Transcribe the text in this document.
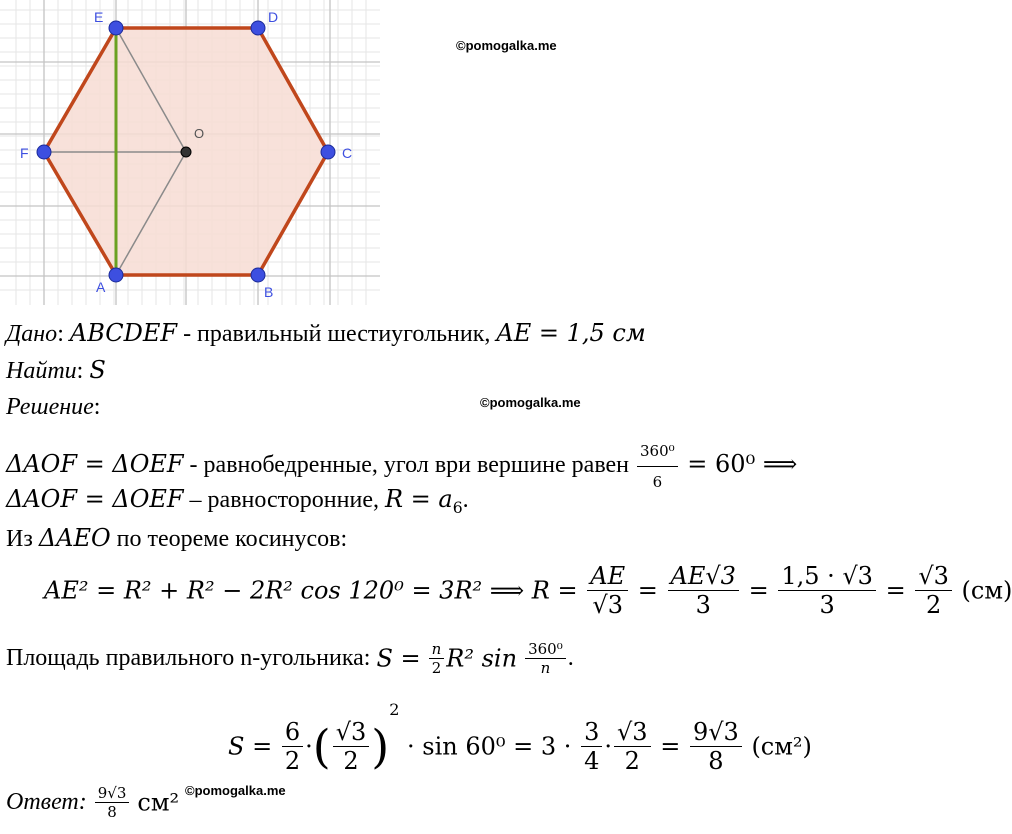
E	D
C
B
A
F
O
©pomogalka.me
©pomogalka.me
©pomogalka.me
Дано: ABCDEF - правильный шестиугольник, AE = 1,5 см
Найти: S
Решение:
ΔAOF = ΔOEF - равнобедренные, угол ври вершине равен $\frac{\text{360⁰}}{6} = 60^0$ ⟹
ΔAOF = ΔOEF – равносторонние, $R = a_6$.
Из ΔAEO по теореме косинусов:
AE² = R² + R² − 2R² cos 120⁰ = 3R² ⟹ $R = \frac{AE}{√3} = \frac{AE√3}{3} = \frac{1,5 \cdot √3}{3} = \frac{√3}{2} (см)$
Площадь правильного n-угольника: $S = \frac{n}{2} R^2$ $\sin \frac{\text{360⁰}}{n}$ .
$S = \frac{6}{2}$ ·( $\frac{√3}{2} )^2 \cdot \sin 60^0 = 3 \cdot \frac{3}{4} \cdot \frac{√3}{2} = \frac{9√3}{8} (см^2)$
Ответ: $\frac{9√3}{8} см^2$
